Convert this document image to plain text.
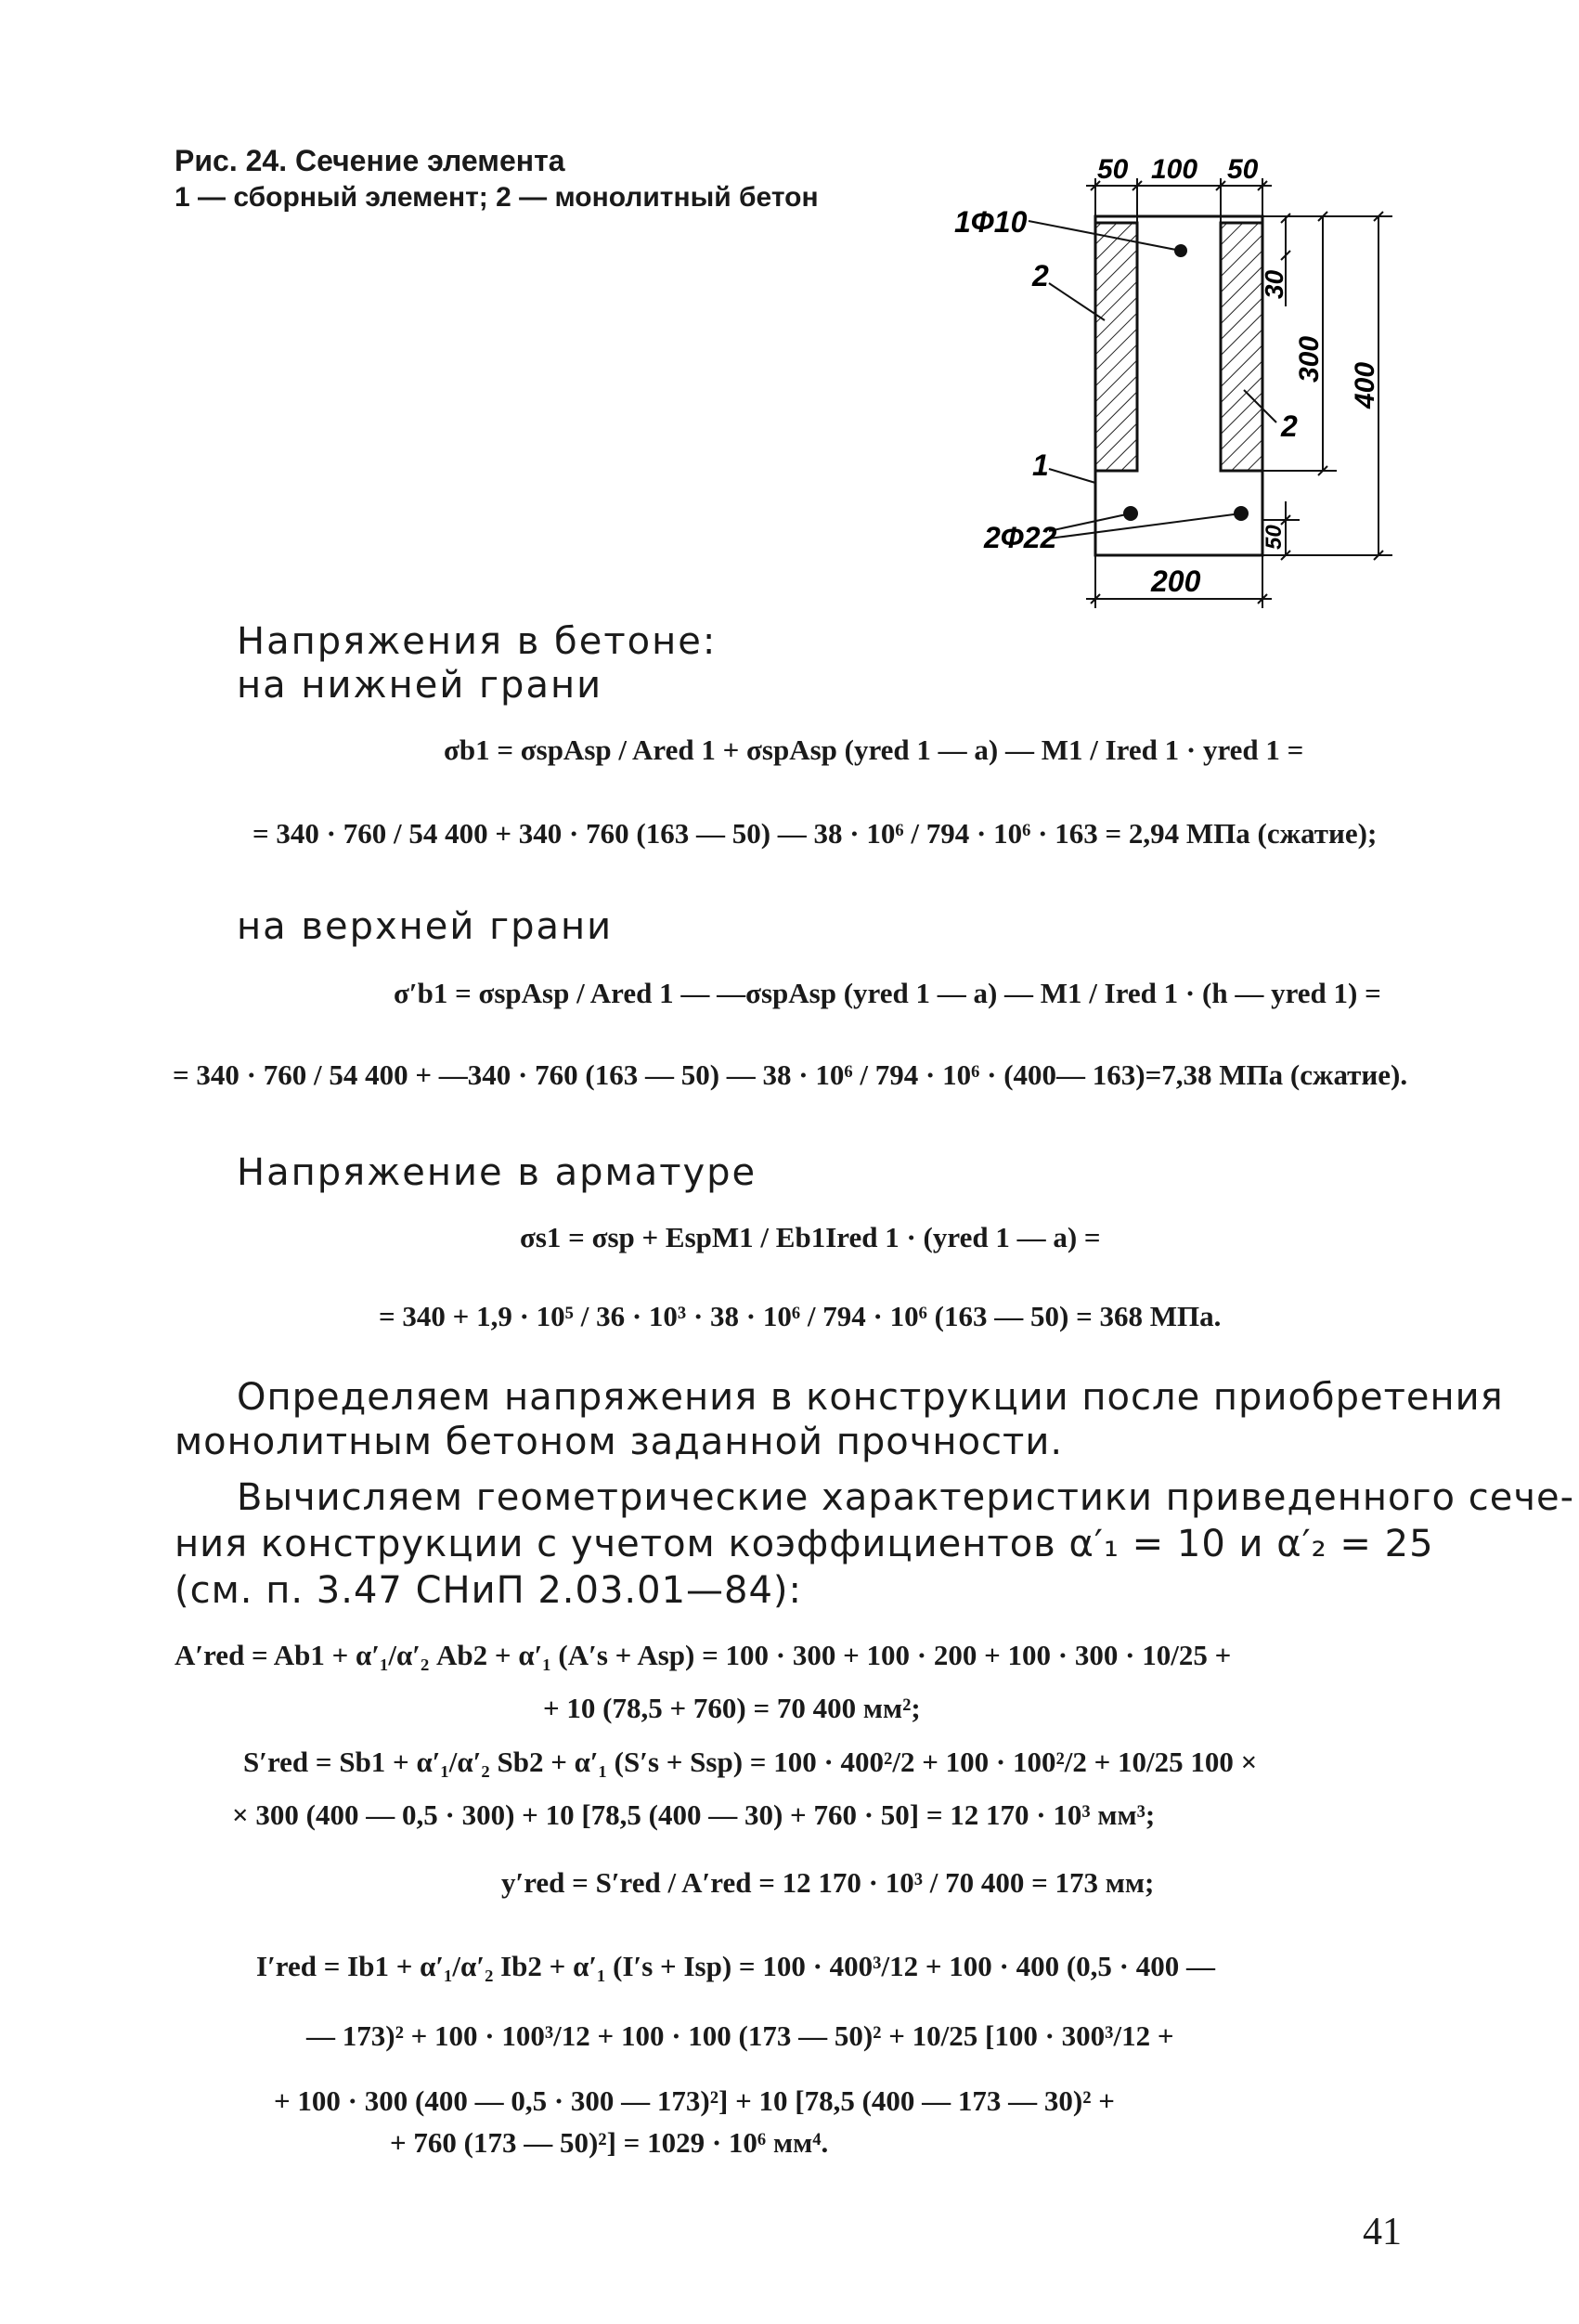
Рис. 24. Сечение элемента
1 — сборный элемент; 2 — монолитный бетон
50 100 50
200
30
300
400
50
1Ф10
2
2
1
2Ф22
Напряжения в бетоне:
на нижней грани
σb1 = σspAsp / Ared 1 + σspAsp (yred 1 — a) — M1 / Ired 1 · yred 1 =
= 340 · 760 / 54 400 + 340 · 760 (163 — 50) — 38 · 10⁶ / 794 · 10⁶ · 163 = 2,94 МПа (сжатие);
на верхней грани
σ′b1 = σspAsp / Ared 1 — —σspAsp (yred 1 — a) — M1 / Ired 1 · (h — yred 1) =
= 340 · 760 / 54 400 + —340 · 760 (163 — 50) — 38 · 10⁶ / 794 · 10⁶ · (400— 163)=7,38 МПа (сжатие).
Напряжение в арматуре
σs1 = σsp + EspM1 / Eb1Ired 1 · (yred 1 — a) =
= 340 + 1,9 · 10⁵ / 36 · 10³ · 38 · 10⁶ / 794 · 10⁶ (163 — 50) = 368 МПа.
Определяем напряжения в конструкции после приобретения
монолитным бетоном заданной прочности.
Вычисляем геометрические характеристики приведенного сече-
ния конструкции с учетом коэффициентов α′₁ = 10 и α′₂ = 25
(см. п. 3.47 СНиП 2.03.01—84):
A′red = Ab1 + α′₁/α′₂ Ab2 + α′₁ (A′s + Asp) = 100 · 300 + 100 · 200 + 100 · 300 · 10/25 +
+ 10 (78,5 + 760) = 70 400 мм²;
S′red = Sb1 + α′₁/α′₂ Sb2 + α′₁ (S′s + Ssp) = 100 · 400²/2 + 100 · 100²/2 + 10/25 100 ×
× 300 (400 — 0,5 · 300) + 10 [78,5 (400 — 30) + 760 · 50] = 12 170 · 10³ мм³;
y′red = S′red / A′red = 12 170 · 10³ / 70 400 = 173 мм;
I′red = Ib1 + α′₁/α′₂ Ib2 + α′₁ (I′s + Isp) = 100 · 400³/12 + 100 · 400 (0,5 · 400 —
— 173)² + 100 · 100³/12 + 100 · 100 (173 — 50)² + 10/25 [100 · 300³/12 +
+ 100 · 300 (400 — 0,5 · 300 — 173)²] + 10 [78,5 (400 — 173 — 30)² +
+ 760 (173 — 50)²] = 1029 · 10⁶ мм⁴.
41
